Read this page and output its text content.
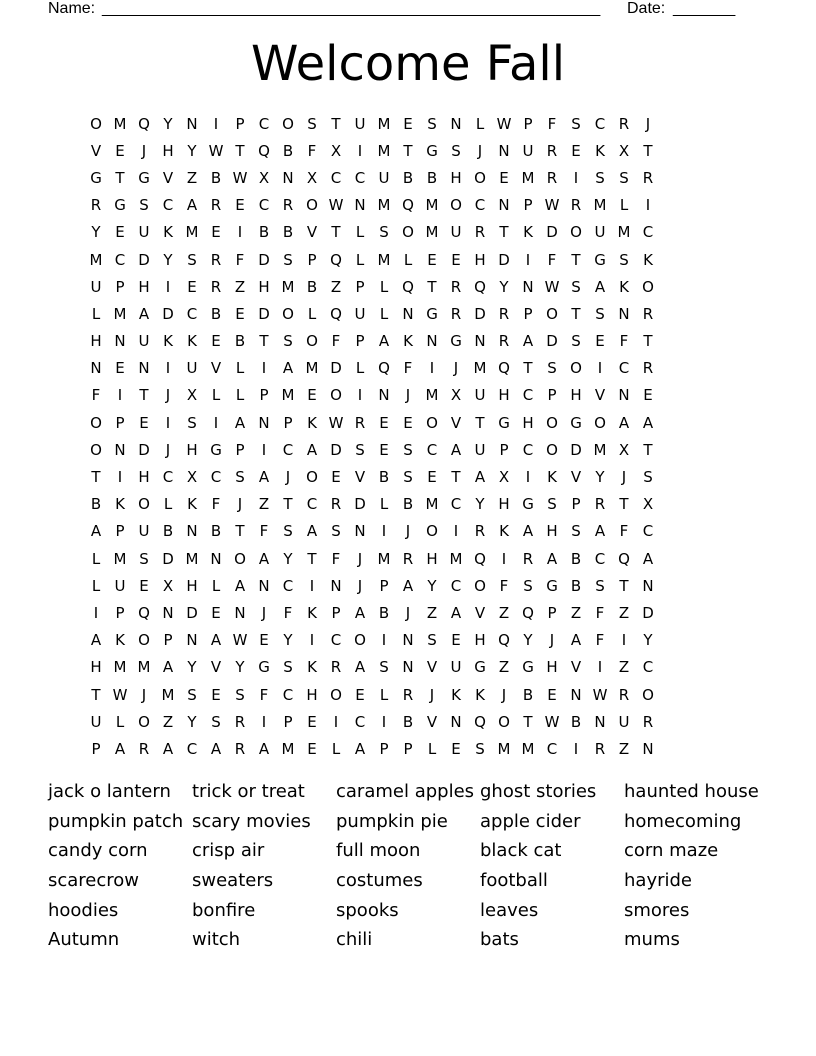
Name: ________________________________________________________ Date: _______
Welcome Fall
O M Q Y N	I	P C O S T U M E S N L W P	F S C R	J
V E	J	H Y W T Q B F X	I	M T G S	J	N U R E K X T
G T G V Z B W X N X C C U B B H O E M R	I	S S R
R G S C A R E C R O W N M Q M O C N P W R M L	I
Y E U K M E	I	B B V T	L	S O M U R T K D O U M C
M C D Y S R F D S P Q L M L	E E H D	I	F	T G S K
U P H	I	E R Z H M B Z P	L Q T R Q Y N W S A K O
L M A D C B E D O L Q U L N G R D R P O T S N R
H N U K K E B T S O F	P A K N G N R A D S E F	T
N E N	I	U V L	I	A M D L Q F	I	J	M Q T S O	I	C R
F	I	T	J	X L	L	P M E O	I	N	J	M X U H C P H V N E
O P E	I	S	I	A N P K W R E E O V T G H O G O A A
O N D	J	H G P	I	C A D S E S C A U P C O D M X T
T	I	H C X C S A	J	O E V B S E T A X	I	K V Y	J	S
B K O L K F	J	Z T C R D L B M C Y H G S P R T X
A P U B N B T	F S A S N	I	J	O	I	R K A H S A F C
L M S D M N O A Y T	F	J	M R H M Q	I	R A B C Q A
L U E X H L A N C	I	N	J	P A Y C O F S G B S T N
I	P Q N D E N	J	F K P A B	J	Z A V Z Q P Z F Z D
A K O P N A W E Y	I	C O	I	N S E H Q Y	J	A F	I	Y
H M M A Y V Y G S K R A S N V U G Z G H V	I	Z C
T W J	M S E S F C H O E	L R	J	K K	J	B E N W R O
U L O Z Y S R	I	P E	I	C	I	B V N Q O T W B N U R
P A R A C A R A M E	L A P P	L	E S M M C	I	R Z N
jack o lantern	trick or treat	caramel apples ghost stories	haunted house
pumpkin patch scary movies	pumpkin pie	apple cider	homecoming
candy corn	crisp air	full moon	black cat	corn maze
scarecrow	sweaters	costumes	football	hayride
hoodies	bonfire	spooks	leaves	smores
Autumn	witch	chili	bats	mums
